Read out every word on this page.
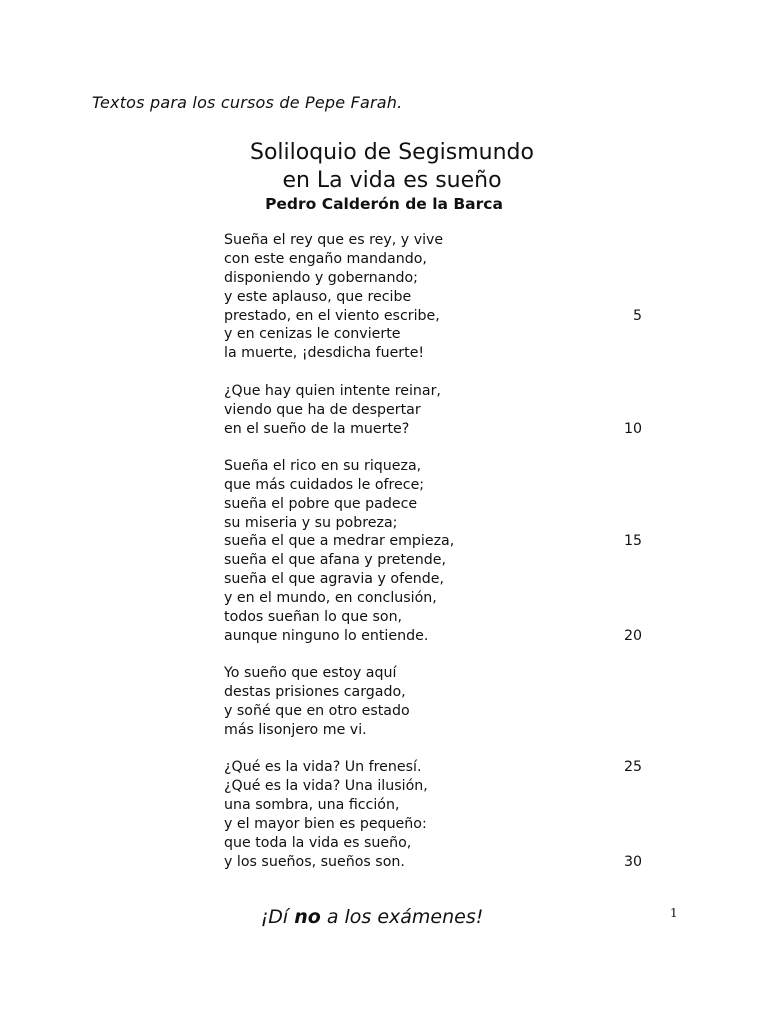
Textos para los cursos de Pepe Farah.
Soliloquio de Segismundo
en La vida es sueño
Pedro Calderón de la Barca
Sueña el rey que es rey, y vive
con este engaño mandando,
disponiendo y gobernando;
y este aplauso, que recibe
prestado, en el viento escribe,	5
y en cenizas le convierte
la muerte, ¡desdicha fuerte!
¿Que hay quien intente reinar,
viendo que ha de despertar
en el sueño de la muerte?	10
Sueña el rico en su riqueza,
que más cuidados le ofrece;
sueña el pobre que padece
su miseria y su pobreza;
sueña el que a medrar empieza,	15
sueña el que afana y pretende,
sueña el que agravia y ofende,
y en el mundo, en conclusión,
todos sueñan lo que son,
aunque ninguno lo entiende.	20
Yo sueño que estoy aquí
destas prisiones cargado,
y soñé que en otro estado
más lisonjero me vi.
¿Qué es la vida? Un frenesí.	25
¿Qué es la vida? Una ilusión,
una sombra, una ficción,
y el mayor bien es pequeño:
que toda la vida es sueño,
y los sueños, sueños son.	30
¡Dí no a los exámenes!	1
